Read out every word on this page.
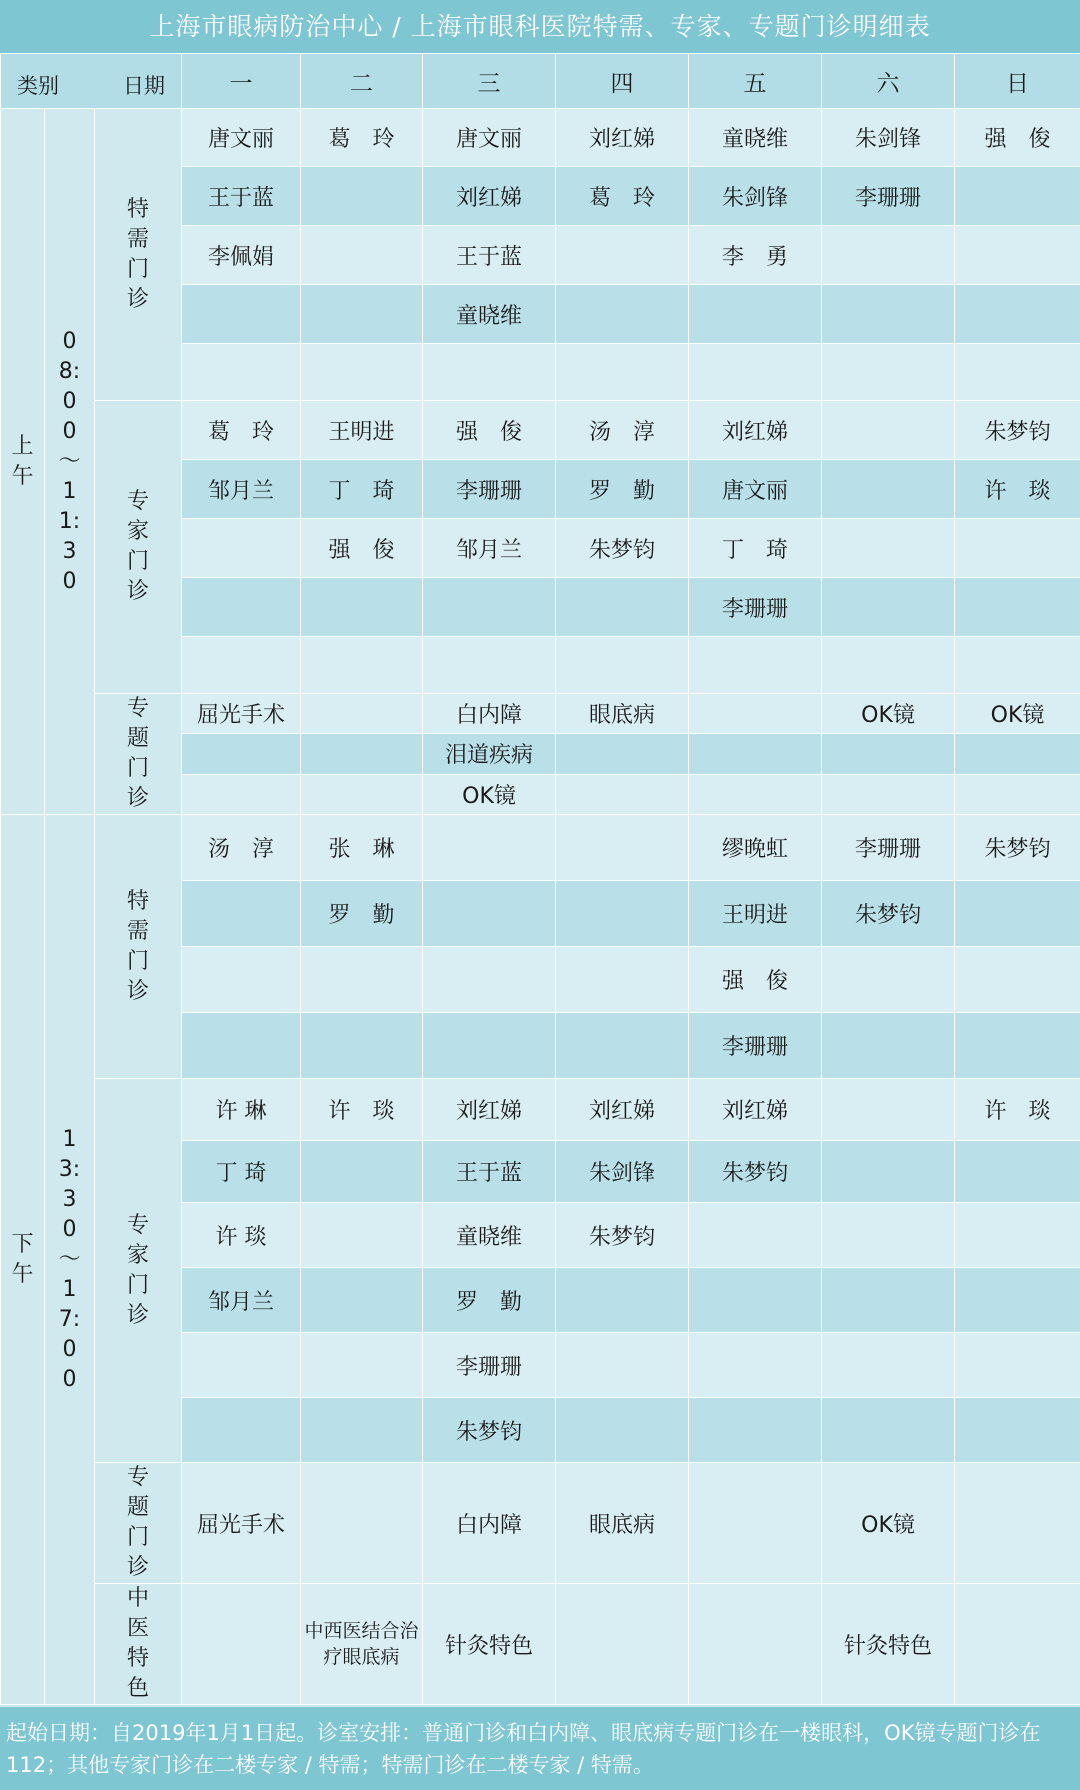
上海市眼病防治中心 / 上海市眼科医院特需、专家、专题门诊明细表
类别 日期			一	二	三	四	五	六	日
上午	08:00～11:30	特需门诊	唐文丽	葛　玲	唐文丽	刘红娣	童晓维	朱剑锋	强　俊
			王于蓝		刘红娣	葛　玲	朱剑锋	李珊珊	
			李佩娟		王于蓝		李　勇		
					童晓维				

		专家门诊	葛　玲	王明进	强　俊	汤　淳	刘红娣		朱梦钧
			邹月兰	丁　琦	李珊珊	罗　勤	唐文丽		许　琰
				强　俊	邹月兰	朱梦钧	丁　琦		
							李珊珊		

		专题门诊	屈光手术		白内障	眼底病		OK镜	OK镜
					泪道疾病				
					OK镜				
下午	13:30～17:00	特需门诊	汤　淳	张　琳			缪晚虹	李珊珊	朱梦钧
				罗　勤			王明进	朱梦钧	
							强　俊		
							李珊珊		
		专家门诊	许 琳	许　琰	刘红娣	刘红娣	刘红娣		许　琰
			丁 琦		王于蓝	朱剑锋	朱梦钧		
			许 琰		童晓维	朱梦钧			
			邹月兰		罗　勤				
					李珊珊				
					朱梦钧				
		专题门诊	屈光手术		白内障	眼底病		OK镜	
		中医特色		中西医结合治疗眼底病	针灸特色			针灸特色	
起始日期：自2019年1月1日起。诊室安排：普通门诊和白内障、眼底病专题门诊在一楼眼科，OK镜专题门诊在112；其他专家门诊在二楼专家 / 特需；特需门诊在二楼专家 / 特需。
